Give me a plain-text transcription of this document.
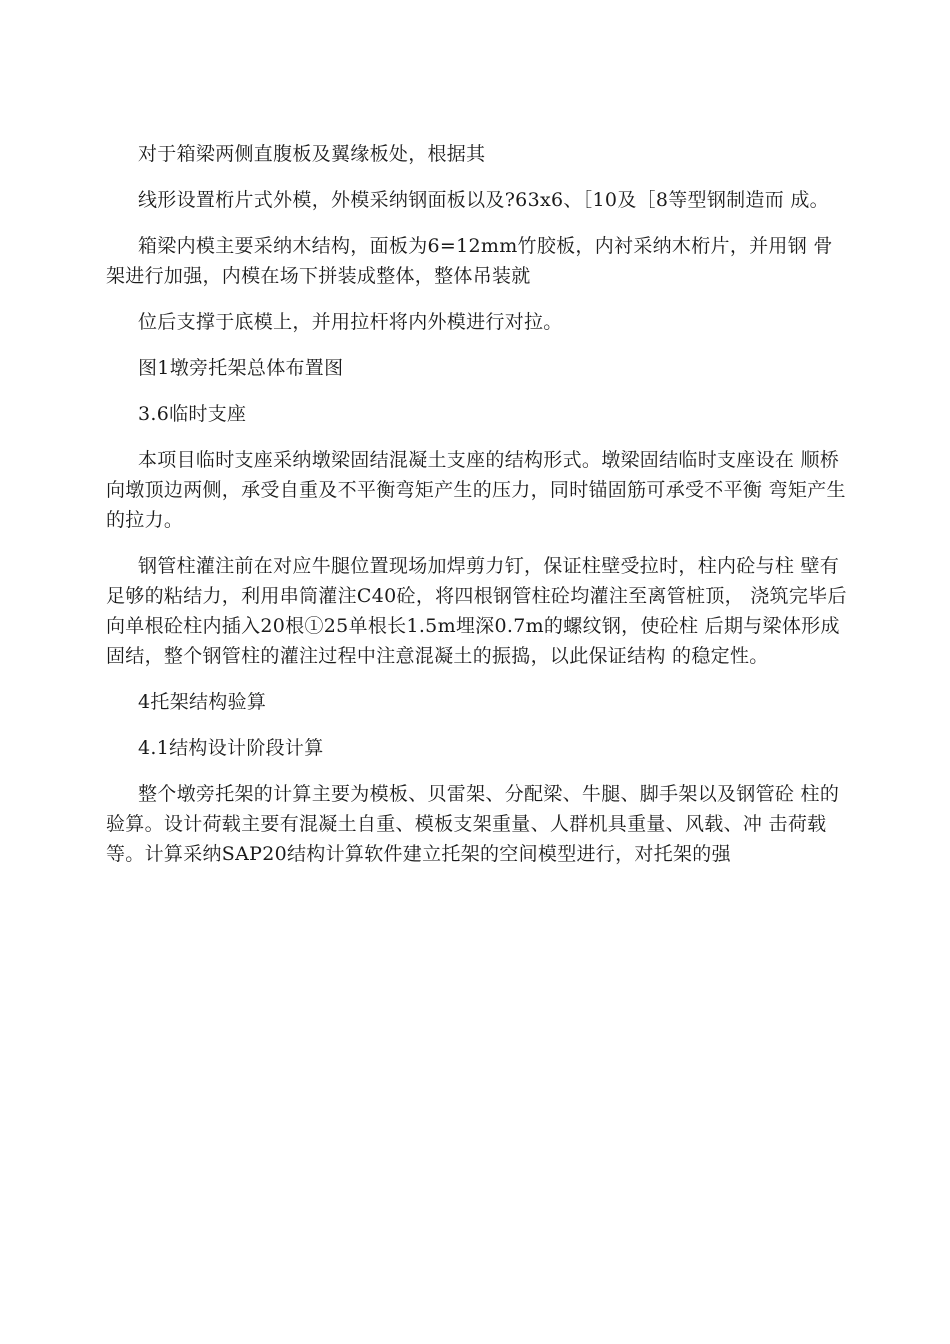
对于箱梁两侧直腹板及翼缘板处，根据其

线形设置桁片式外模，外模采纳钢面板以及?63x6、［10及［8等型钢制造而 成。

箱梁内模主要采纳木结构，面板为6=12mm竹胶板，内衬采纳木桁片，并用钢 骨架进行加强，内模在场下拼装成整体，整体吊装就

位后支撑于底模上，并用拉杆将内外模进行对拉。

图1墩旁托架总体布置图

3.6临时支座

本项目临时支座采纳墩梁固结混凝土支座的结构形式。墩梁固结临时支座设在 顺桥向墩顶边两侧，承受自重及不平衡弯矩产生的压力，同时锚固筋可承受不平衡 弯矩产生的拉力。

钢管柱灌注前在对应牛腿位置现场加焊剪力钉，保证柱壁受拉时，柱内砼与柱 壁有足够的粘结力，利用串筒灌注C40砼，将四根钢管柱砼均灌注至离管桩顶， 浇筑完毕后向单根砼柱内插入20根①25单根长1.5m埋深0.7m的螺纹钢，使砼柱 后期与梁体形成固结，整个钢管柱的灌注过程中注意混凝土的振捣，以此保证结构 的稳定性。

4托架结构验算

4.1结构设计阶段计算

整个墩旁托架的计算主要为模板、贝雷架、分配梁、牛腿、脚手架以及钢管砼 柱的验算。设计荷载主要有混凝土自重、模板支架重量、人群机具重量、风载、冲 击荷载等。计算采纳SAP20结构计算软件建立托架的空间模型进行，对托架的强
